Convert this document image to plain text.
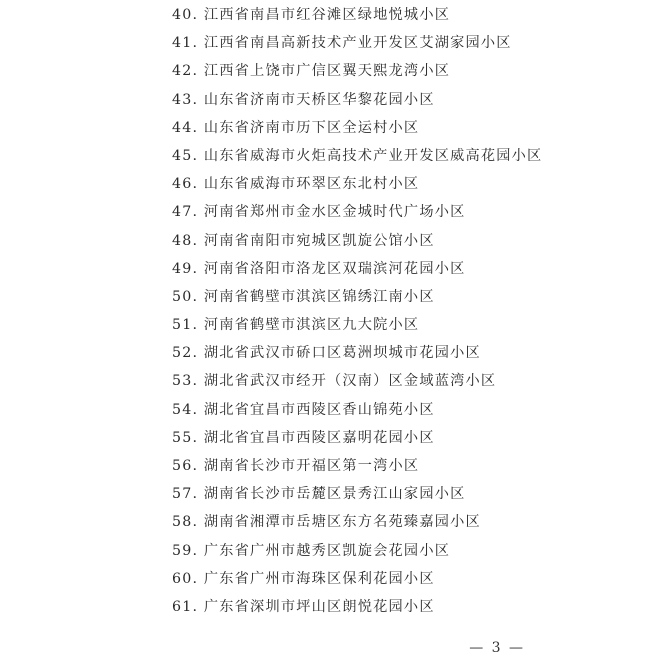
40. 江西省南昌市红谷滩区绿地悦城小区
41. 江西省南昌高新技术产业开发区艾湖家园小区
42. 江西省上饶市广信区翼天熙龙湾小区
43. 山东省济南市天桥区华黎花园小区
44. 山东省济南市历下区全运村小区
45. 山东省威海市火炬高技术产业开发区威高花园小区
46. 山东省威海市环翠区东北村小区
47. 河南省郑州市金水区金城时代广场小区
48. 河南省南阳市宛城区凯旋公馆小区
49. 河南省洛阳市洛龙区双瑞滨河花园小区
50. 河南省鹤壁市淇滨区锦绣江南小区
51. 河南省鹤壁市淇滨区九大院小区
52. 湖北省武汉市硚口区葛洲坝城市花园小区
53. 湖北省武汉市经开（汉南）区金域蓝湾小区
54. 湖北省宜昌市西陵区香山锦苑小区
55. 湖北省宜昌市西陵区嘉明花园小区
56. 湖南省长沙市开福区第一湾小区
57. 湖南省长沙市岳麓区景秀江山家园小区
58. 湖南省湘潭市岳塘区东方名苑臻嘉园小区
59. 广东省广州市越秀区凯旋会花园小区
60. 广东省广州市海珠区保利花园小区
61. 广东省深圳市坪山区朗悦花园小区
— 3 —
